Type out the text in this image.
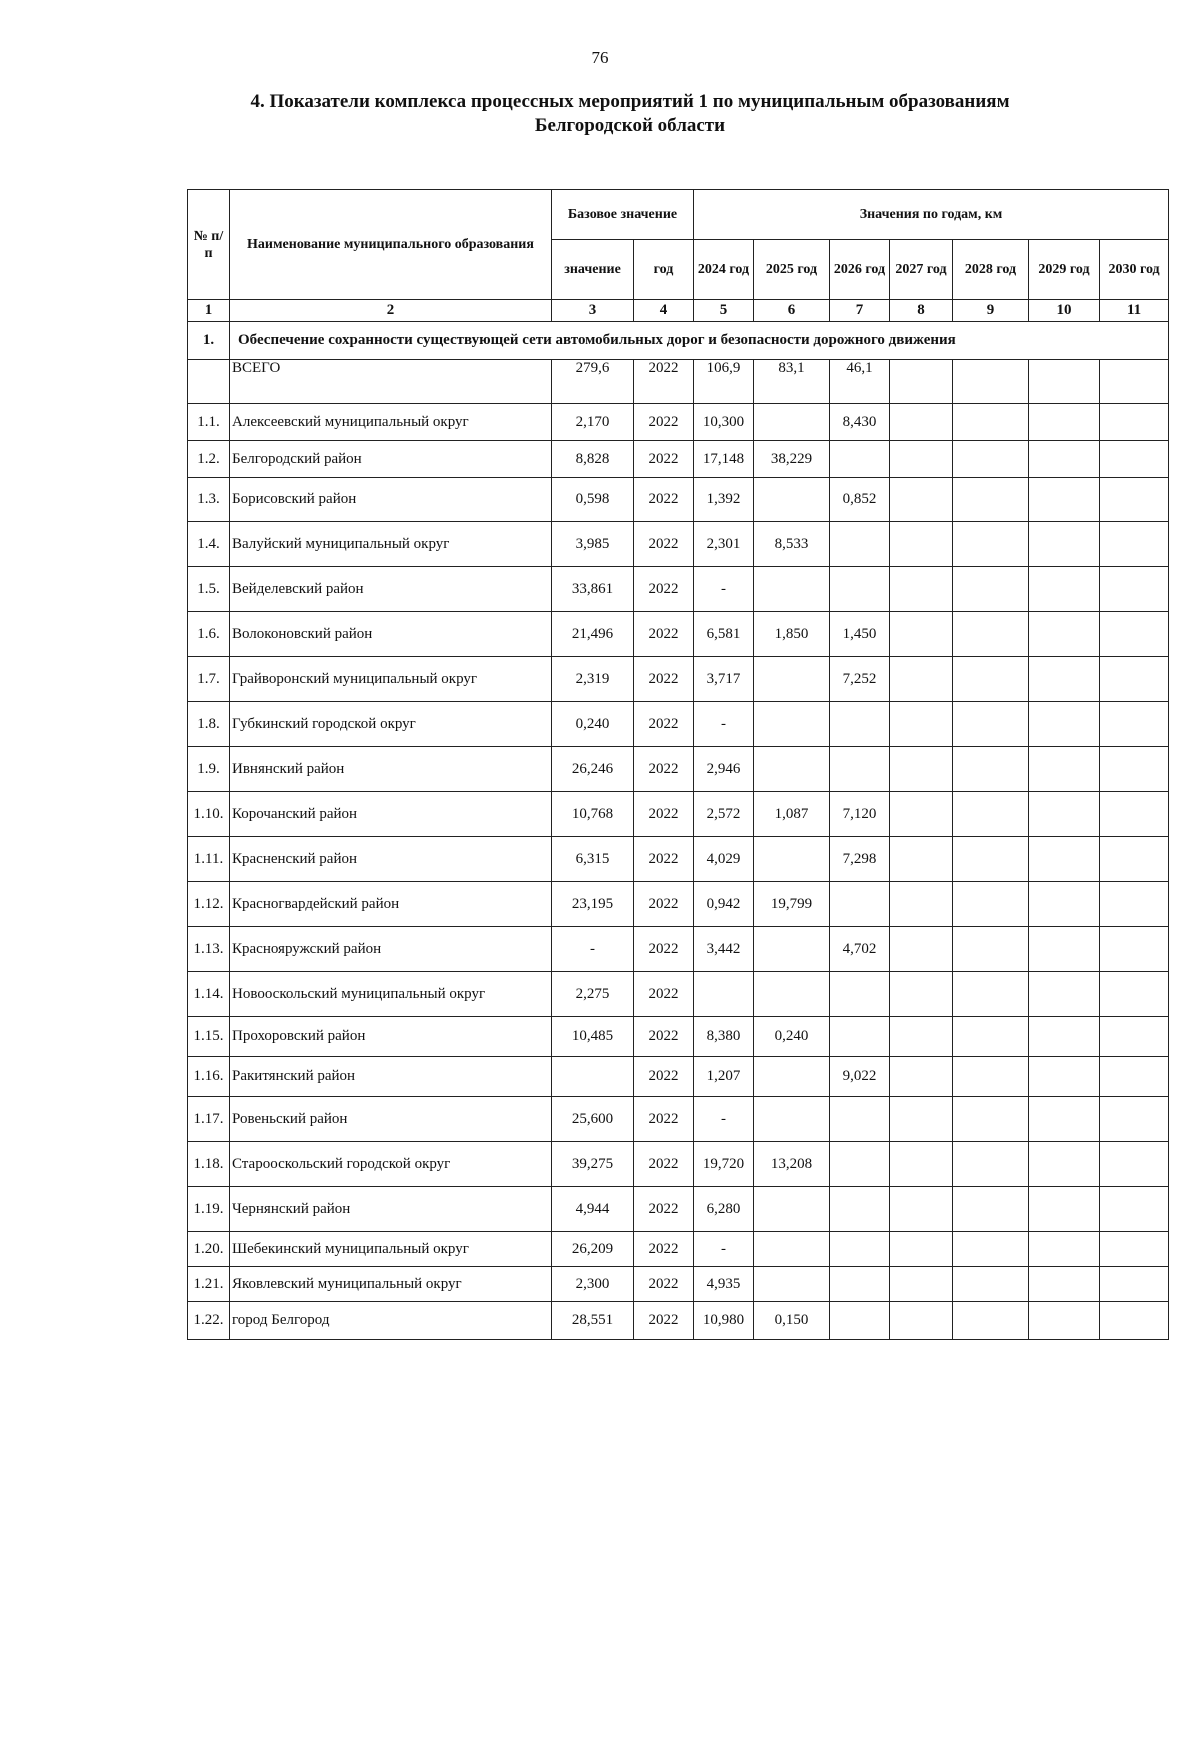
76
4. Показатели комплекса процессных мероприятий 1 по муниципальным образованиям
Белгородской области
№ п/п	Наименование муниципального образования	Базовое значение		Значения по годам, км						
		значение	год	2024 год	2025 год	2026 год	2027 год	2028 год	2029 год	2030 год
1	2	3	4	5	6	7	8	9	10	11
1.	Обеспечение сохранности существующей сети автомобильных дорог и безопасности дорожного движения									
	ВСЕГО	279,6	2022	106,9	83,1	46,1				
1.1.	Алексеевский муниципальный округ	2,170	2022	10,300		8,430				
1.2.	Белгородский район	8,828	2022	17,148	38,229					
1.3.	Борисовский район	0,598	2022	1,392		0,852				
1.4.	Валуйский муниципальный округ	3,985	2022	2,301	8,533					
1.5.	Вейделевский район	33,861	2022	-						
1.6.	Волоконовский район	21,496	2022	6,581	1,850	1,450				
1.7.	Грайворонский муниципальный округ	2,319	2022	3,717		7,252				
1.8.	Губкинский городской округ	0,240	2022	-						
1.9.	Ивнянский район	26,246	2022	2,946						
1.10.	Корочанский район	10,768	2022	2,572	1,087	7,120				
1.11.	Красненский район	6,315	2022	4,029		7,298				
1.12.	Красногвардейский район	23,195	2022	0,942	19,799					
1.13.	Краснояружский район	-	2022	3,442		4,702				
1.14.	Новооскольский муниципальный округ	2,275	2022							
1.15.	Прохоровский район	10,485	2022	8,380	0,240					
1.16.	Ракитянский район		2022	1,207		9,022				
1.17.	Ровеньский район	25,600	2022	-						
1.18.	Старооскольский городской округ	39,275	2022	19,720	13,208					
1.19.	Чернянский район	4,944	2022	6,280						
1.20.	Шебекинский муниципальный округ	26,209	2022	-						
1.21.	Яковлевский муниципальный округ	2,300	2022	4,935						
1.22.	город Белгород	28,551	2022	10,980	0,150					
